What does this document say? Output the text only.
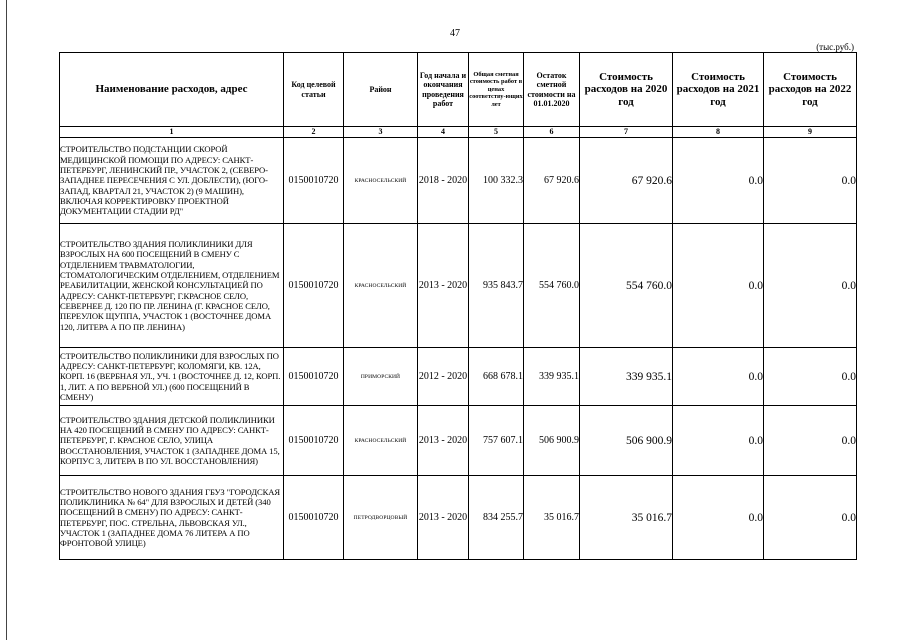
47
(тыс.руб.)
Наименование расходов, адрес	Код целевой статьи	Район	Год начала и окончания проведения работ	Общая сметная стоимость работ в ценах соответству-ющих лет	Остаток сметной стоимости на 01.01.2020	Стоимость расходов на 2020 год	Стоимость расходов на 2021 год	Стоимость расходов на 2022 год
1	2	3	4	5	6	7	8	9
СТРОИТЕЛЬСТВО ПОДСТАНЦИИ СКОРОЙ МЕДИЦИНСКОЙ ПОМОЩИ ПО АДРЕСУ: САНКТ-ПЕТЕРБУРГ, ЛЕНИНСКИЙ ПР., УЧАСТОК 2, (СЕВЕРО-ЗАПАДНЕЕ ПЕРЕСЕЧЕНИЯ С УЛ. ДОБЛЕСТИ), (ЮГО-ЗАПАД, КВАРТАЛ 21, УЧАСТОК 2) (9 МАШИН), ВКЛЮЧАЯ КОРРЕКТИРОВКУ ПРОЕКТНОЙ ДОКУМЕНТАЦИИ СТАДИИ РД"	0150010720	КРАСНОСЕЛЬСКИЙ	2018 - 2020	100 332.3	67 920.6	67 920.6	0.0	0.0
СТРОИТЕЛЬСТВО ЗДАНИЯ ПОЛИКЛИНИКИ ДЛЯ ВЗРОСЛЫХ НА 600 ПОСЕЩЕНИЙ В СМЕНУ С ОТДЕЛЕНИЕМ ТРАВМАТОЛОГИИ, СТОМАТОЛОГИЧЕСКИМ ОТДЕЛЕНИЕМ, ОТДЕЛЕНИЕМ РЕАБИЛИТАЦИИ, ЖЕНСКОЙ КОНСУЛЬТАЦИЕЙ ПО АДРЕСУ: САНКТ-ПЕТЕРБУРГ, Г.КРАСНОЕ СЕЛО, СЕВЕРНЕЕ Д. 120 ПО ПР. ЛЕНИНА (Г. КРАСНОЕ СЕЛО, ПЕРЕУЛОК ЩУППА, УЧАСТОК 1 (ВОСТОЧНЕЕ ДОМА 120, ЛИТЕРА А ПО ПР. ЛЕНИНА)	0150010720	КРАСНОСЕЛЬСКИЙ	2013 - 2020	935 843.7	554 760.0	554 760.0	0.0	0.0
СТРОИТЕЛЬСТВО ПОЛИКЛИНИКИ ДЛЯ ВЗРОСЛЫХ ПО АДРЕСУ: САНКТ-ПЕТЕРБУРГ, КОЛОМЯГИ, КВ. 12А, КОРП. 16 (ВЕРБНАЯ УЛ., УЧ. 1 (ВОСТОЧНЕЕ Д. 12, КОРП. 1, ЛИТ. А ПО ВЕРБНОЙ УЛ.) (600 ПОСЕЩЕНИЙ В СМЕНУ)	0150010720	ПРИМОРСКИЙ	2012 - 2020	668 678.1	339 935.1	339 935.1	0.0	0.0
СТРОИТЕЛЬСТВО ЗДАНИЯ ДЕТСКОЙ ПОЛИКЛИНИКИ НА 420 ПОСЕЩЕНИЙ В СМЕНУ ПО АДРЕСУ: САНКТ-ПЕТЕРБУРГ, Г. КРАСНОЕ СЕЛО, УЛИЦА ВОССТАНОВЛЕНИЯ, УЧАСТОК 1 (ЗАПАДНЕЕ ДОМА 15, КОРПУС 3, ЛИТЕРА В ПО УЛ. ВОССТАНОВЛЕНИЯ)	0150010720	КРАСНОСЕЛЬСКИЙ	2013 - 2020	757 607.1	506 900.9	506 900.9	0.0	0.0
СТРОИТЕЛЬСТВО НОВОГО ЗДАНИЯ ГБУЗ "ГОРОДСКАЯ ПОЛИКЛИНИКА № 64" ДЛЯ ВЗРОСЛЫХ И ДЕТЕЙ (340 ПОСЕЩЕНИЙ В СМЕНУ) ПО АДРЕСУ: САНКТ-ПЕТЕРБУРГ, ПОС. СТРЕЛЬНА, ЛЬВОВСКАЯ УЛ., УЧАСТОК 1 (ЗАПАДНЕЕ ДОМА 76 ЛИТЕРА А ПО ФРОНТОВОЙ УЛИЦЕ)	0150010720	ПЕТРОДВОРЦОВЫЙ	2013 - 2020	834 255.7	35 016.7	35 016.7	0.0	0.0
